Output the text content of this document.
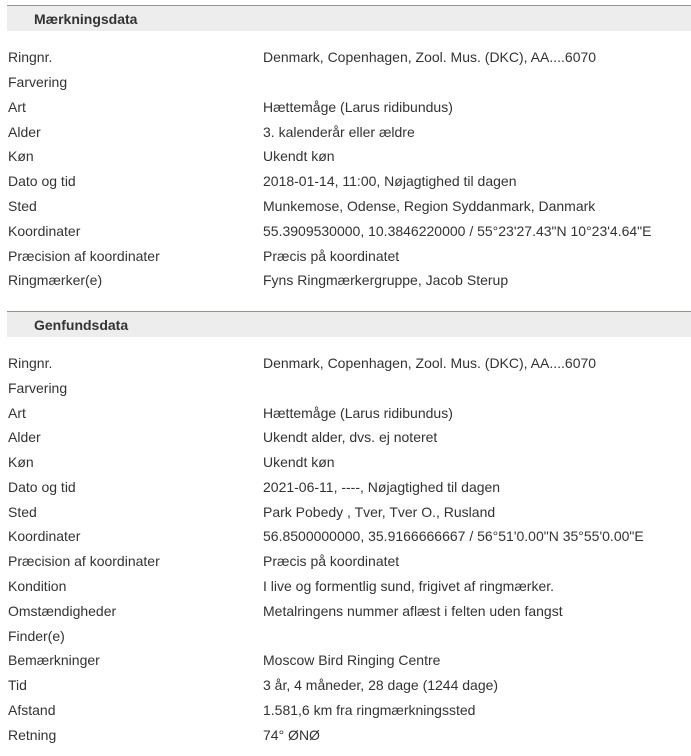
Mærkningsdata
Ringnr.	Denmark, Copenhagen, Zool. Mus. (DKC), AA....6070
Farvering
Art	Hættemåge (Larus ridibundus)
Alder	3. kalenderår eller ældre
Køn	Ukendt køn
Dato og tid	2018-01-14, 11:00, Nøjagtighed til dagen
Sted	Munkemose, Odense, Region Syddanmark, Danmark
Koordinater	55.3909530000, 10.3846220000 / 55°23'27.43"N 10°23'4.64"E
Præcision af koordinater	Præcis på koordinatet
Ringmærker(e)	Fyns Ringmærkergruppe, Jacob Sterup
Genfundsdata
Ringnr.	Denmark, Copenhagen, Zool. Mus. (DKC), AA....6070
Farvering
Art	Hættemåge (Larus ridibundus)
Alder	Ukendt alder, dvs. ej noteret
Køn	Ukendt køn
Dato og tid	2021-06-11, ----, Nøjagtighed til dagen
Sted	Park Pobedy , Tver, Tver O., Rusland
Koordinater	56.8500000000, 35.9166666667 / 56°51'0.00"N 35°55'0.00"E
Præcision af koordinater	Præcis på koordinatet
Kondition	I live og formentlig sund, frigivet af ringmærker.
Omstændigheder	Metalringens nummer aflæst i felten uden fangst
Finder(e)
Bemærkninger	Moscow Bird Ringing Centre
Tid	3 år, 4 måneder, 28 dage (1244 dage)
Afstand	1.581,6 km fra ringmærkningssted
Retning	74° ØNØ
